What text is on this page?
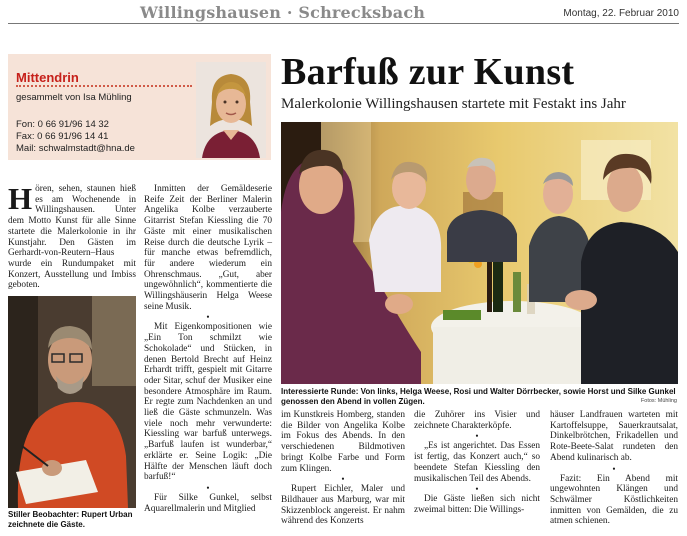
Willingshausen · Schrecksbach	Montag, 22. Februar 2010
Mittendrin
gesammelt von Isa Mühling
Fon: 0 66 91/96 14 32
Fax: 0 66 91/96 14 41
Mail: schwalmstadt@hna.de
Barfuß zur Kunst
Malerkolonie Willingshausen startete mit Festakt ins Jahr
Interessierte Runde: Von links, Helga Weese, Rosi und Walter Dörrbecker, sowie Horst und Silke Gunkel genossen den Abend in vollen Zügen.	Fotos: Mühling

Hören, sehen, staunen hieß es am Wochenende in Willingshausen. Unter dem Motto Kunst für alle Sinne startete die Malerkolonie in ihr Kunstjahr. Den Gästen im Gerhardt-von-Reutern–Haus wurde ein Rundumpaket mit Konzert, Ausstellung und Imbiss geboten.

Stiller Beobachter: Rupert Urban zeichnete die Gäste.

Inmitten der Gemäldeserie Reife Zeit der Berliner Malerin Angelika Kolbe verzauberte Gitarrist Stefan Kiessling die 70 Gäste mit einer musikalischen Reise durch die deutsche Lyrik – für manche etwas befremdlich, für andere wiederum ein Ohrenschmaus. „Gut, aber ungewöhnlich“, kommentierte die Willingshäuserin Helga Weese seine Musik.

•

Mit Eigenkompositionen wie „Ein Ton schmilzt wie Schokolade“ und Stücken, in denen Bertold Brecht auf Heinz Erhardt trifft, gespielt mit Gitarre oder Sitar, schuf der Musiker eine besondere Atmosphäre im Raum. Er regte zum Nachdenken an und ließ die Gäste schmunzeln. Was viele noch mehr verwunderte: Kiessling war barfuß unterwegs. „Barfuß laufen ist wunderbar,“ erklärte er. Seine Logik: „Die Hälfte der Menschen läuft doch barfuß!“

•

Für Silke Gunkel, selbst Aquarellmalerin und Mitglied

im Kunstkreis Homberg, standen die Bilder von Angelika Kolbe im Fokus des Abends. In den verschiedenen Bildmotiven bringt Kolbe Farbe und Form zum Klingen.

•

Rupert Eichler, Maler und Bildhauer aus Marburg, war mit Skizzenblock angereist. Er nahm während des Konzerts

die Zuhörer ins Visier und zeichnete Charakterköpfe.

•

„Es ist angerichtet. Das Essen ist fertig, das Konzert auch,“ so beendete Stefan Kiessling den musikalischen Teil des Abends.

•

Die Gäste ließen sich nicht zweimal bitten: Die Willings-

häuser Landfrauen warteten mit Kartoffelsuppe, Sauerkrautsalat, Dinkelbrötchen, Frikadellen und Rote-Beete-Salat rundeten den Abend kulinarisch ab.

•

Fazit: Ein Abend mit ungewohnten Klängen und Schwälmer Köstlichkeiten inmitten von Gemälden, die zu atmen schienen.
